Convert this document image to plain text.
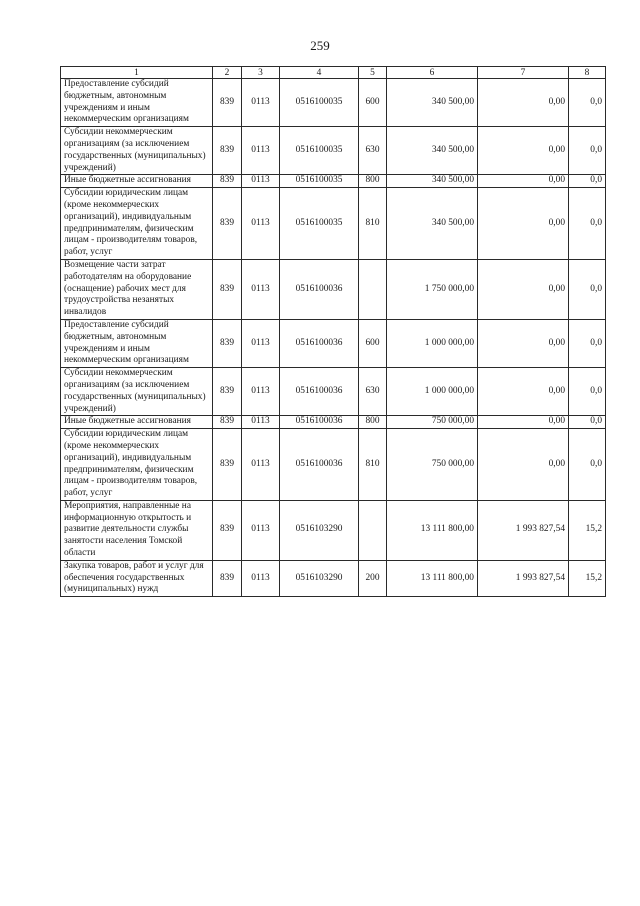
259
1	2	3	4	5	6	7	8
Предоставление субсидий бюджетным, автономным учреждениям и иным некоммерческим организациям	839	0113	0516100035	600	340 500,00	0,00	0,0
Субсидии некоммерческим организациям (за исключением государственных (муниципальных) учреждений)	839	0113	0516100035	630	340 500,00	0,00	0,0
Иные бюджетные ассигнования	839	0113	0516100035	800	340 500,00	0,00	0,0
Субсидии юридическим лицам (кроме некоммерческих организаций), индивидуальным предпринимателям, физическим лицам - производителям товаров, работ, услуг	839	0113	0516100035	810	340 500,00	0,00	0,0
Возмещение части затрат работодателям на оборудование (оснащение) рабочих мест для трудоустройства незанятых инвалидов	839	0113	0516100036		1 750 000,00	0,00	0,0
Предоставление субсидий бюджетным, автономным учреждениям и иным некоммерческим организациям	839	0113	0516100036	600	1 000 000,00	0,00	0,0
Субсидии некоммерческим организациям (за исключением государственных (муниципальных) учреждений)	839	0113	0516100036	630	1 000 000,00	0,00	0,0
Иные бюджетные ассигнования	839	0113	0516100036	800	750 000,00	0,00	0,0
Субсидии юридическим лицам (кроме некоммерческих организаций), индивидуальным предпринимателям, физическим лицам - производителям товаров, работ, услуг	839	0113	0516100036	810	750 000,00	0,00	0,0
Мероприятия, направленные на информационную открытость и развитие деятельности службы занятости населения Томской области	839	0113	0516103290		13 111 800,00	1 993 827,54	15,2
Закупка товаров, работ и услуг для обеспечения государственных (муниципальных) нужд	839	0113	0516103290	200	13 111 800,00	1 993 827,54	15,2
